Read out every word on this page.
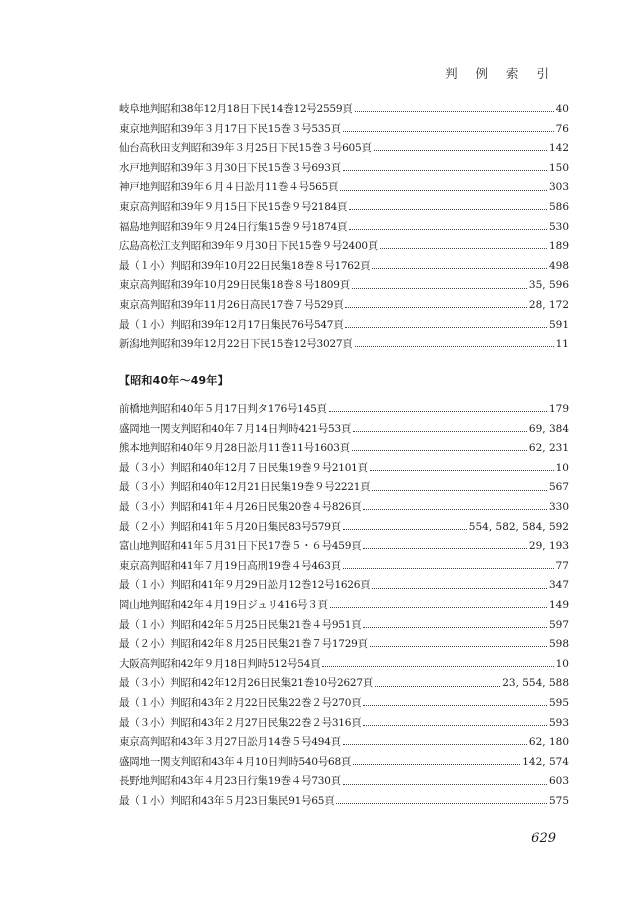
判 例 索 引
岐阜地判昭和38年12月18日下民14巻12号2559頁	40
東京地判昭和39年３月17日下民15巻３号535頁	76
仙台高秋田支判昭和39年３月25日下民15巻３号605頁	142
水戸地判昭和39年３月30日下民15巻３号693頁	150
神戸地判昭和39年６月４日訟月11巻４号565頁	303
東京高判昭和39年９月15日下民15巻９号2184頁	586
福島地判昭和39年９月24日行集15巻９号1874頁	530
広島高松江支判昭和39年９月30日下民15巻９号2400頁	189
最（１小）判昭和39年10月22日民集18巻８号1762頁	498
東京高判昭和39年10月29日民集18巻８号1809頁	35, 596
東京高判昭和39年11月26日高民17巻７号529頁	28, 172
最（１小）判昭和39年12月17日集民76号547頁	591
新潟地判昭和39年12月22日下民15巻12号3027頁	11
【昭和40年～49年】
前橋地判昭和40年５月17日判タ176号145頁	179
盛岡地一関支判昭和40年７月14日判時421号53頁	69, 384
熊本地判昭和40年９月28日訟月11巻11号1603頁	62, 231
最（３小）判昭和40年12月７日民集19巻９号2101頁	10
最（３小）判昭和40年12月21日民集19巻９号2221頁	567
最（３小）判昭和41年４月26日民集20巻４号826頁	330
最（２小）判昭和41年５月20日集民83号579頁	554, 582, 584, 592
富山地判昭和41年５月31日下民17巻５・６号459頁	29, 193
東京高判昭和41年７月19日高刑19巻４号463頁	77
最（１小）判昭和41年９月29日訟月12巻12号1626頁	347
岡山地判昭和42年４月19日ジュリ416号３頁	149
最（１小）判昭和42年５月25日民集21巻４号951頁	597
最（２小）判昭和42年８月25日民集21巻７号1729頁	598
大阪高判昭和42年９月18日判時512号54頁	10
最（３小）判昭和42年12月26日民集21巻10号2627頁	23, 554, 588
最（１小）判昭和43年２月22日民集22巻２号270頁	595
最（３小）判昭和43年２月27日民集22巻２号316頁	593
東京高判昭和43年３月27日訟月14巻５号494頁	62, 180
盛岡地一関支判昭和43年４月10日判時540号68頁	142, 574
長野地判昭和43年４月23日行集19巻４号730頁	603
最（１小）判昭和43年５月23日集民91号65頁	575
629
